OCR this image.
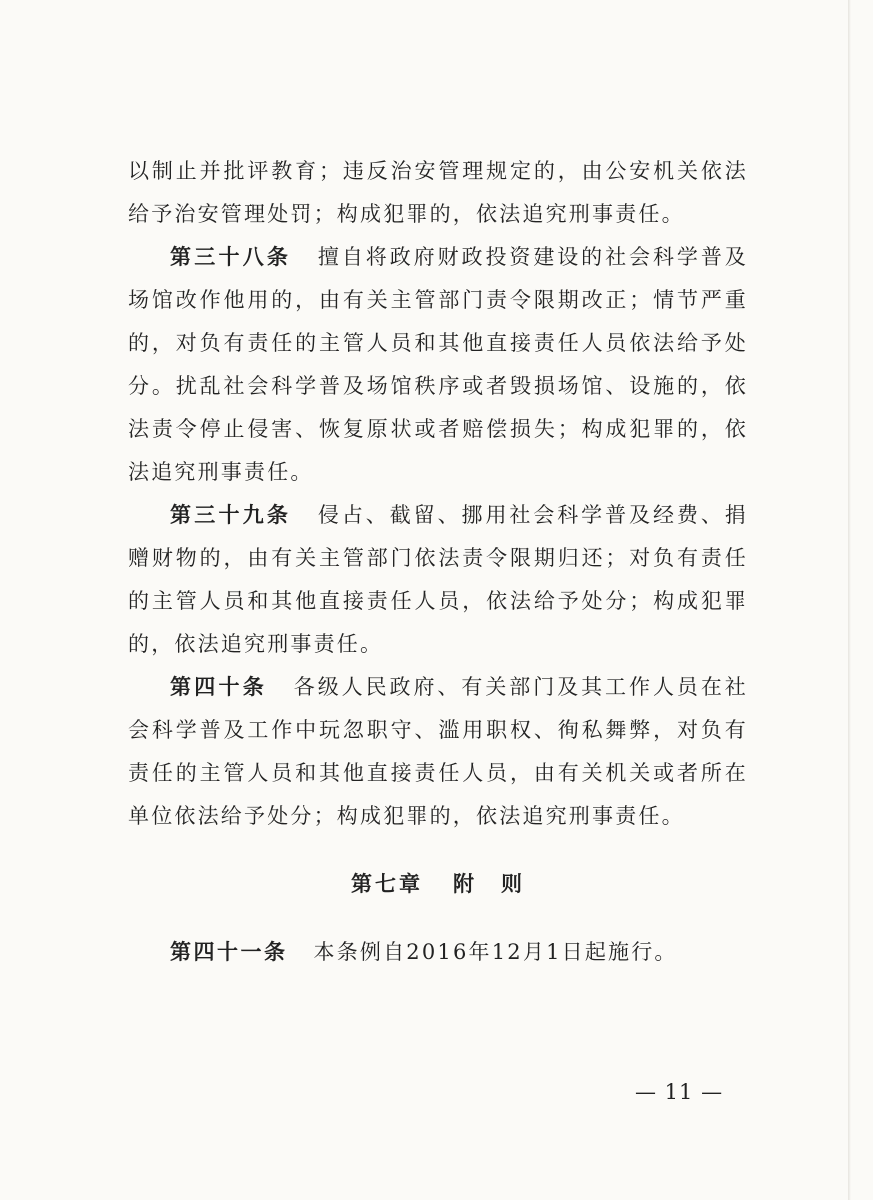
以制止并批评教育；违反治安管理规定的，由公安机关依法给予治安管理处罚；构成犯罪的，依法追究刑事责任。

第三十八条 擅自将政府财政投资建设的社会科学普及场馆改作他用的，由有关主管部门责令限期改正；情节严重的，对负有责任的主管人员和其他直接责任人员依法给予处分。扰乱社会科学普及场馆秩序或者毁损场馆、设施的，依法责令停止侵害、恢复原状或者赔偿损失；构成犯罪的，依法追究刑事责任。

第三十九条 侵占、截留、挪用社会科学普及经费、捐赠财物的，由有关主管部门依法责令限期归还；对负有责任的主管人员和其他直接责任人员，依法给予处分；构成犯罪的，依法追究刑事责任。

第四十条 各级人民政府、有关部门及其工作人员在社会科学普及工作中玩忽职守、滥用职权、徇私舞弊，对负有责任的主管人员和其他直接责任人员，由有关机关或者所在单位依法给予处分；构成犯罪的，依法追究刑事责任。

第七章 附　则

第四十一条 本条例自2016年12月1日起施行。

— 11 —
